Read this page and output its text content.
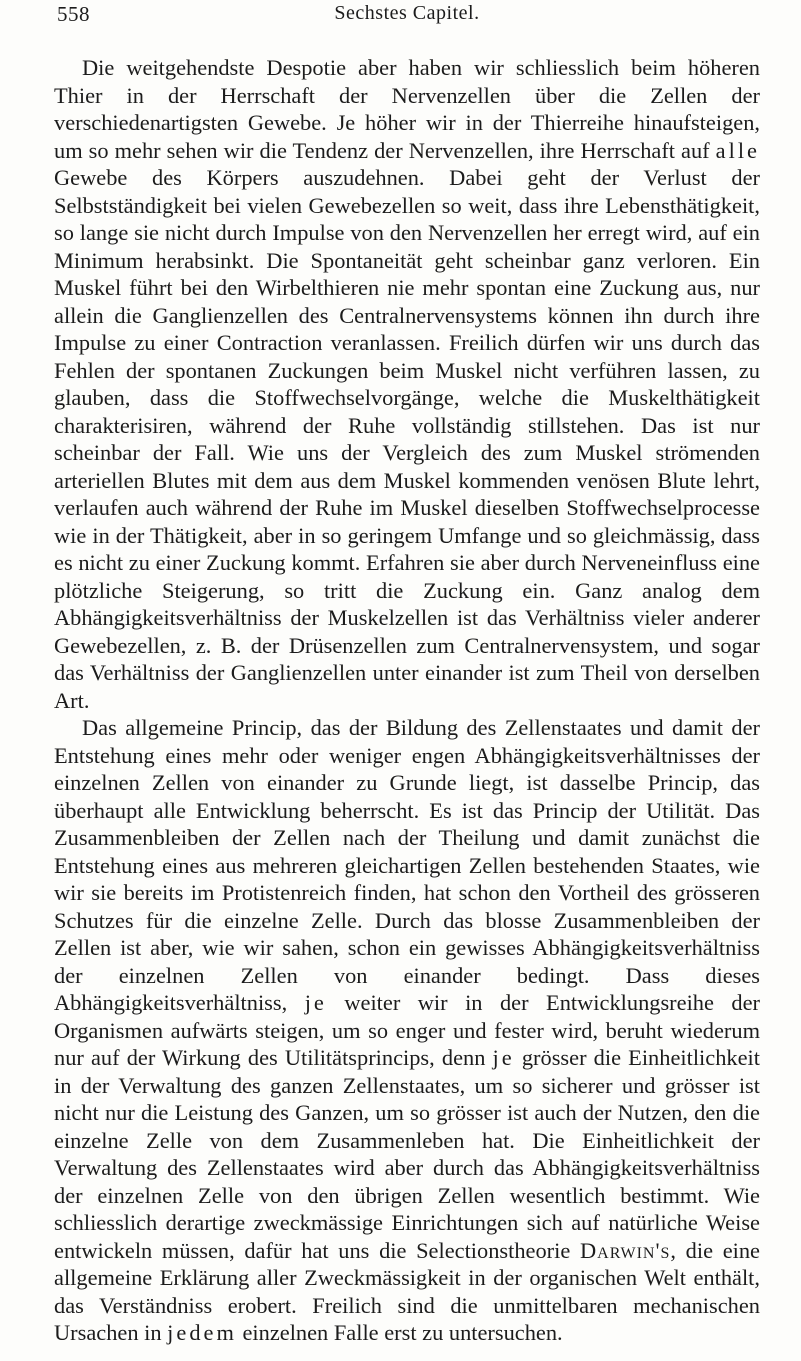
558	Sechstes Capitel.

Die weitgehendste Despotie aber haben wir schliesslich beim höheren Thier in der Herrschaft der Nervenzellen über die Zellen der verschiedenartigsten Gewebe. Je höher wir in der Thierreihe hinaufsteigen, um so mehr sehen wir die Tendenz der Nervenzellen, ihre Herrschaft auf alle Gewebe des Körpers auszudehnen. Dabei geht der Verlust der Selbstständigkeit bei vielen Gewebezellen so weit, dass ihre Lebensthätigkeit, so lange sie nicht durch Impulse von den Nervenzellen her erregt wird, auf ein Minimum herabsinkt. Die Spontaneität geht scheinbar ganz verloren. Ein Muskel führt bei den Wirbelthieren nie mehr spontan eine Zuckung aus, nur allein die Ganglienzellen des Centralnervensystems können ihn durch ihre Impulse zu einer Contraction veranlassen. Freilich dürfen wir uns durch das Fehlen der spontanen Zuckungen beim Muskel nicht verführen lassen, zu glauben, dass die Stoffwechselvorgänge, welche die Muskelthätigkeit charakterisiren, während der Ruhe vollständig stillstehen. Das ist nur scheinbar der Fall. Wie uns der Vergleich des zum Muskel strömenden arteriellen Blutes mit dem aus dem Muskel kommenden venösen Blute lehrt, verlaufen auch während der Ruhe im Muskel dieselben Stoffwechselprocesse wie in der Thätigkeit, aber in so geringem Umfange und so gleichmässig, dass es nicht zu einer Zuckung kommt. Erfahren sie aber durch Nerveneinfluss eine plötzliche Steigerung, so tritt die Zuckung ein. Ganz analog dem Abhängigkeitsverhältniss der Muskelzellen ist das Verhältniss vieler anderer Gewebezellen, z. B. der Drüsenzellen zum Centralnervensystem, und sogar das Verhältniss der Ganglienzellen unter einander ist zum Theil von derselben Art.

Das allgemeine Princip, das der Bildung des Zellenstaates und damit der Entstehung eines mehr oder weniger engen Abhängigkeitsverhältnisses der einzelnen Zellen von einander zu Grunde liegt, ist dasselbe Princip, das überhaupt alle Entwicklung beherrscht. Es ist das Princip der Utilität. Das Zusammenbleiben der Zellen nach der Theilung und damit zunächst die Entstehung eines aus mehreren gleichartigen Zellen bestehenden Staates, wie wir sie bereits im Protistenreich finden, hat schon den Vortheil des grösseren Schutzes für die einzelne Zelle. Durch das blosse Zusammenbleiben der Zellen ist aber, wie wir sahen, schon ein gewisses Abhängigkeitsverhältniss der einzelnen Zellen von einander bedingt. Dass dieses Abhängigkeitsverhältniss, je weiter wir in der Entwicklungsreihe der Organismen aufwärts steigen, um so enger und fester wird, beruht wiederum nur auf der Wirkung des Utilitätsprincips, denn je grösser die Einheitlichkeit in der Verwaltung des ganzen Zellenstaates, um so sicherer und grösser ist nicht nur die Leistung des Ganzen, um so grösser ist auch der Nutzen, den die einzelne Zelle von dem Zusammenleben hat. Die Einheitlichkeit der Verwaltung des Zellenstaates wird aber durch das Abhängigkeitsverhältniss der einzelnen Zelle von den übrigen Zellen wesentlich bestimmt. Wie schliesslich derartige zweckmässige Einrichtungen sich auf natürliche Weise entwickeln müssen, dafür hat uns die Selectionstheorie Darwin's, die eine allgemeine Erklärung aller Zweckmässigkeit in der organischen Welt enthält, das Verständniss erobert. Freilich sind die unmittelbaren mechanischen Ursachen in jedem einzelnen Falle erst zu untersuchen.
